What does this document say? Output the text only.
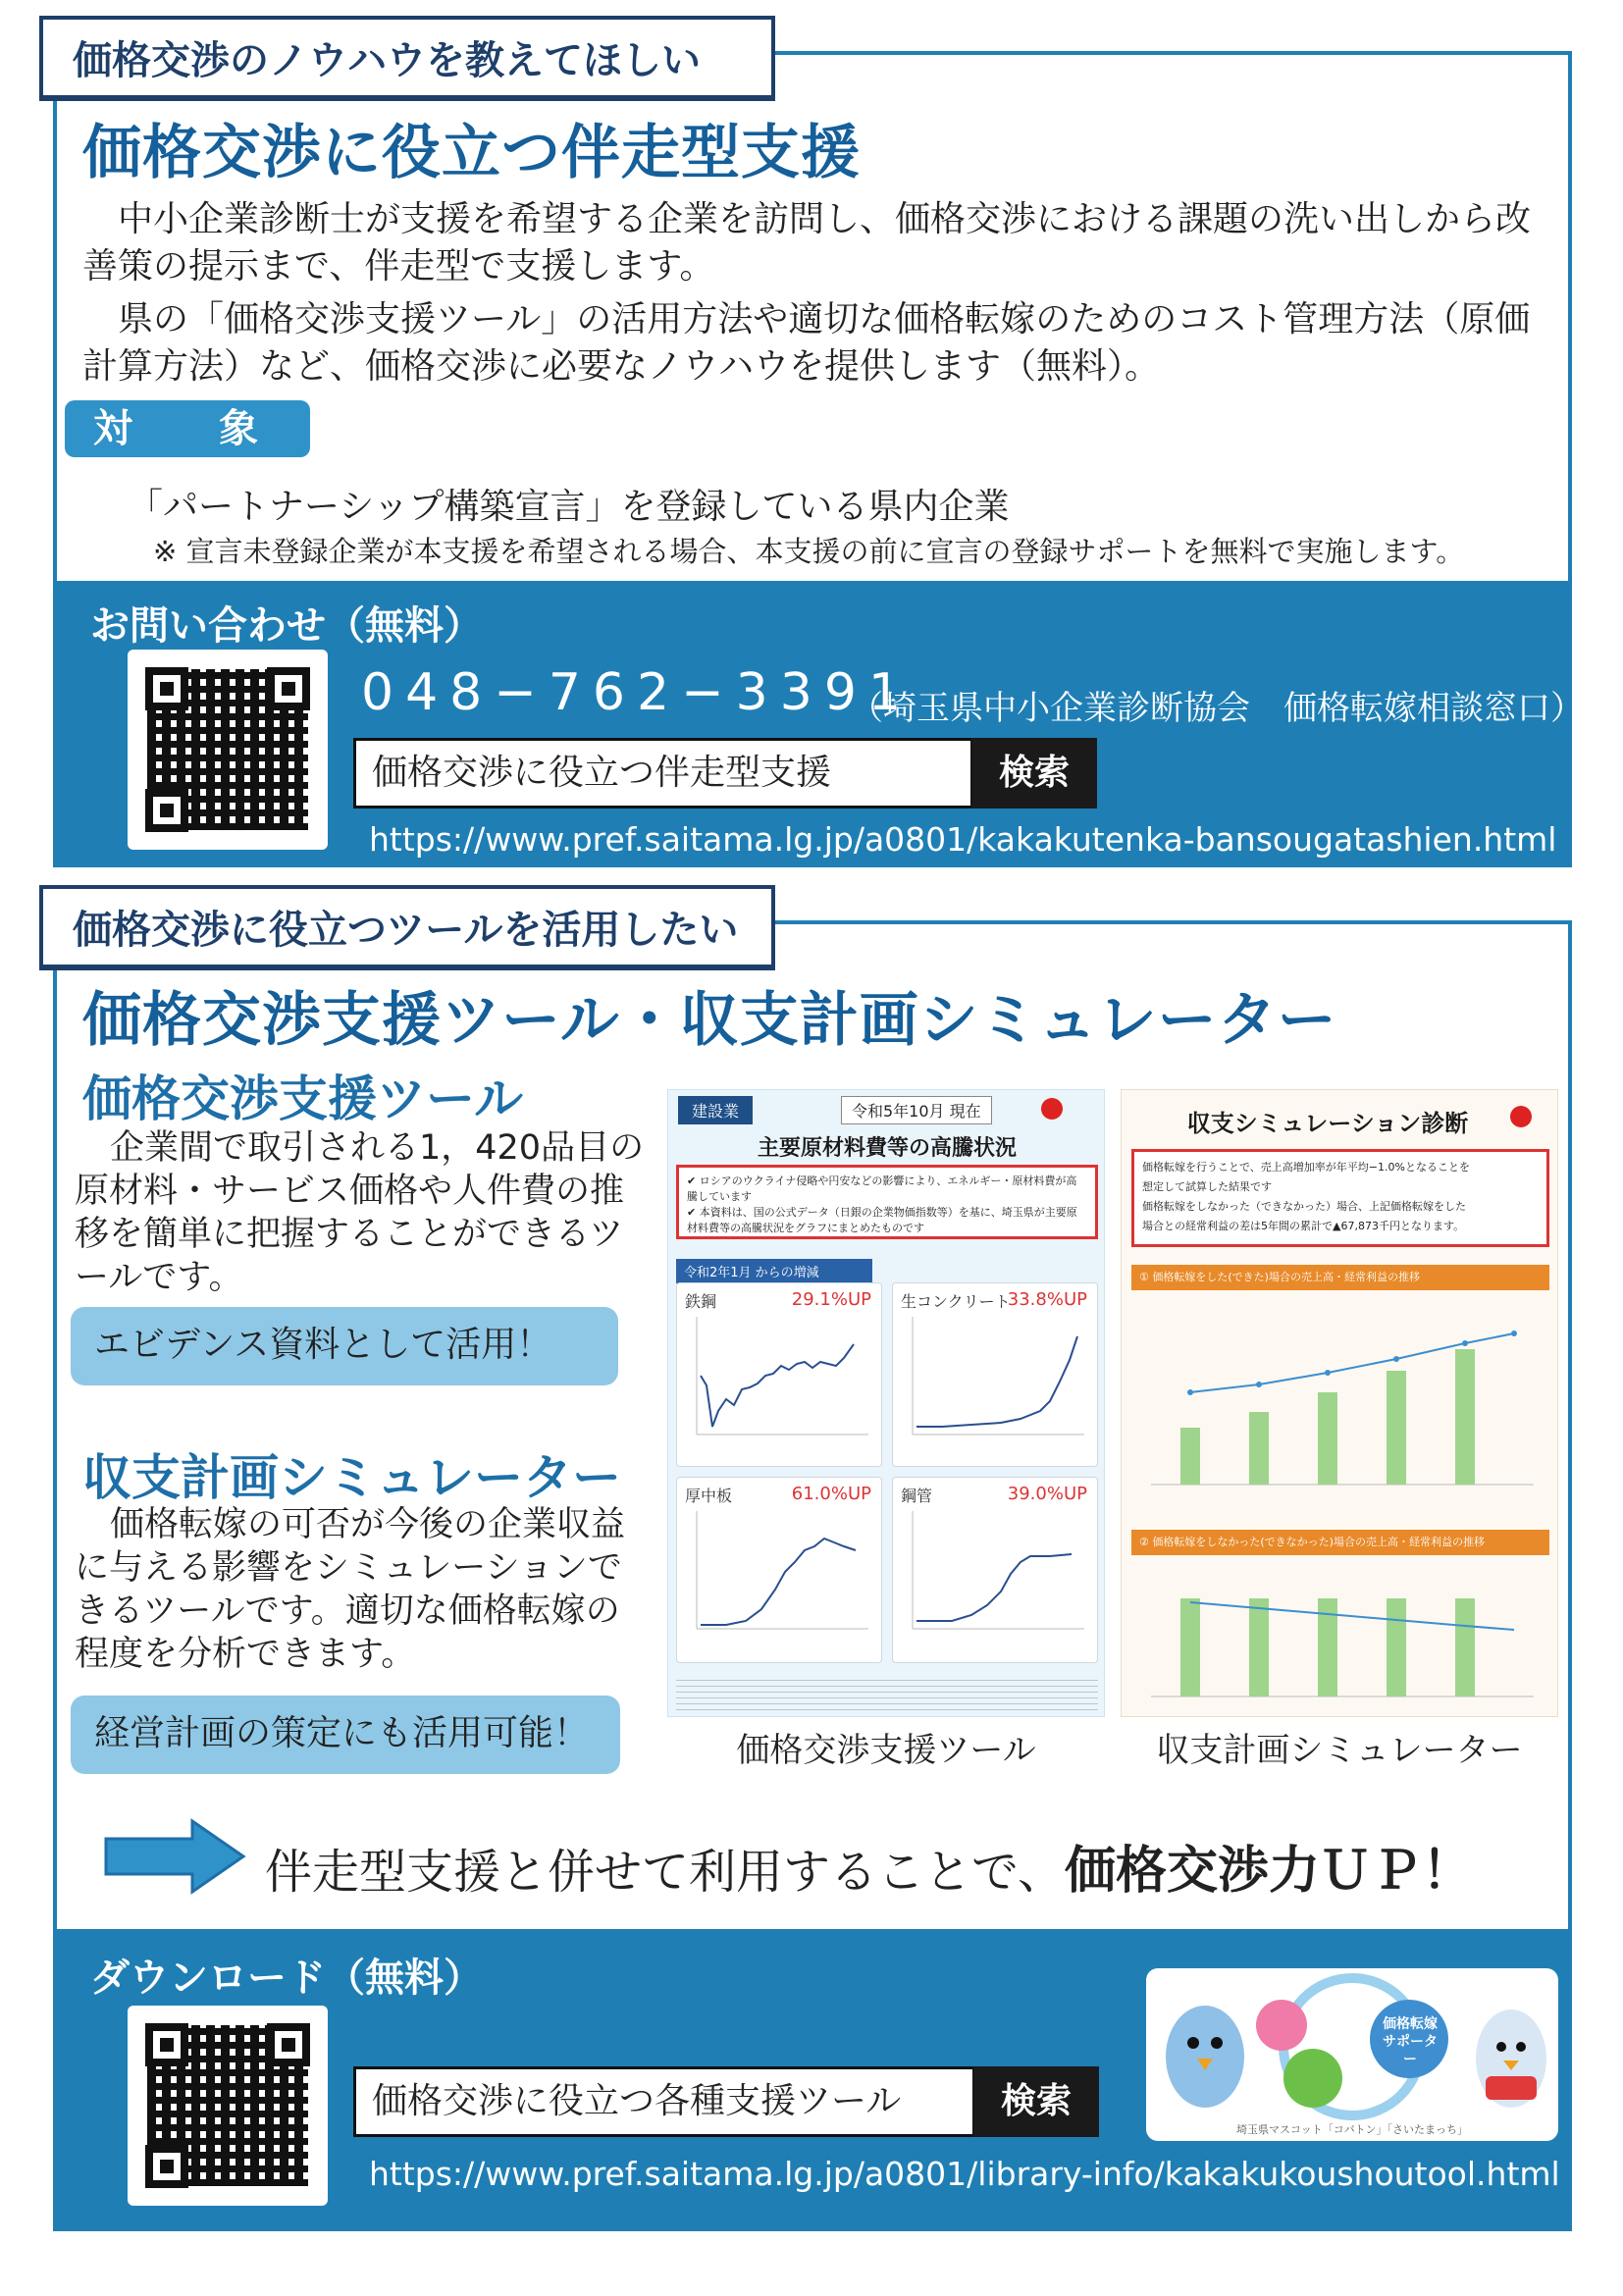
価格交渉のノウハウを教えてほしい
価格交渉に役立つ伴走型支援
中小企業診断士が支援を希望する企業を訪問し、価格交渉における課題の洗い出しから改善策の提示まで、伴走型で支援します。
県の「価格交渉支援ツール」の活用方法や適切な価格転嫁のためのコスト管理方法（原価計算方法）など、価格交渉に必要なノウハウを提供します（無料）。
対　象
「パートナーシップ構築宣言」を登録している県内企業
※ 宣言未登録企業が本支援を希望される場合、本支援の前に宣言の登録サポートを無料で実施します。
お問い合わせ（無料）
048−762−3391
（埼玉県中小企業診断協会　価格転嫁相談窓口）
価格交渉に役立つ伴走型支援	検索
https://www.pref.saitama.lg.jp/a0801/kakakutenka-bansougatashien.html
価格交渉に役立つツールを活用したい
価格交渉支援ツール・収支計画シミュレーター
価格交渉支援ツール
企業間で取引される1，420品目の原材料・サービス価格や人件費の推移を簡単に把握することができるツールです。
エビデンス資料として活用！
収支計画シミュレーター
価格転嫁の可否が今後の企業収益に与える影響をシミュレーションできるツールです。適切な価格転嫁の程度を分析できます。
経営計画の策定にも活用可能！
建設業	令和5年10月 現在
主要原材料費等の高騰状況
✔ ロシアのウクライナ侵略や円安などの影響により、エネルギー・原材料費が高騰しています
✔ 本資料は、国の公式データ（日銀の企業物価指数等）を基に、埼玉県が主要原材料費等の高騰状況をグラフにまとめたものです
令和2年1月 からの増減
鉄鋼	29.1%UP 生コンクリート
33.8%UP
厚中板	61.0%UP 鋼管	39.0%UP
収支シミュレーション診断
価格転嫁を行うことで、売上高増加率が年平均−1.0%となることを
想定して試算した結果です
価格転嫁をしなかった（できなかった）場合、上記価格転嫁をした
場合との経常利益の差は5年間の累計で▲67,873千円となります。
① 価格転嫁をした(できた)場合の売上高・経常利益の推移
② 価格転嫁をしなかった(できなかった)場合の売上高・経常利益の推移
価格交渉支援ツール	収支計画シミュレーター
伴走型支援と併せて利用することで、価格交渉力ＵＰ！
ダウンロード（無料）
価格交渉に役立つ各種支援ツール	検索
https://www.pref.saitama.lg.jp/a0801/library-info/kakakukoushoutool.html
価格転嫁サポーター
埼玉県マスコット「コバトン」「さいたまっち」
